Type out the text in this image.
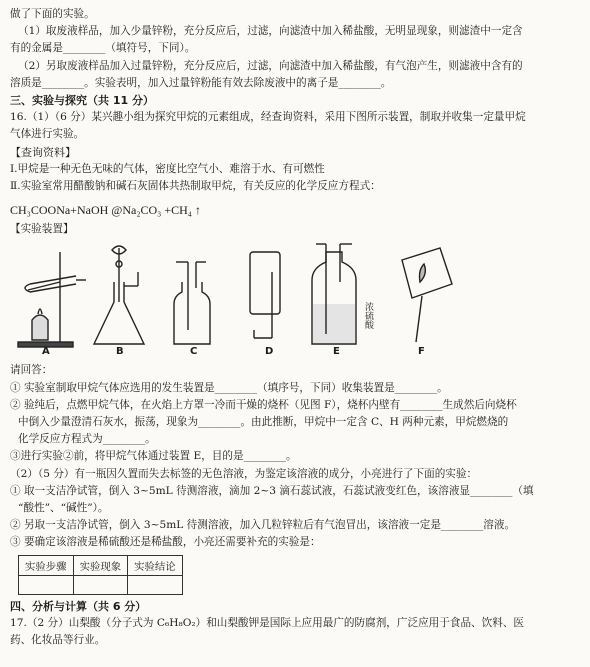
做了下面的实验。
（1）取废液样品，加入少量锌粉，充分反应后，过滤，向滤渣中加入稀盐酸，无明显现象，则滤渣中一定含
有的金属是________（填符号，下同）。
（2）另取废液样品加入过量锌粉，充分反应后，过滤，向滤渣中加入稀盐酸，有气泡产生，则滤液中含有的
溶质是________。实验表明，加入过量锌粉能有效去除废液中的离子是________。
三、实验与探究（共 11 分）
16.（1）（6 分）某兴趣小组为探究甲烷的元素组成，经查询资料，采用下图所示装置，制取并收集一定量甲烷
气体进行实验。
【查询资料】
Ⅰ.甲烷是一种无色无味的气体，密度比空气小、难溶于水、有可燃性
Ⅱ.实验室常用醋酸钠和碱石灰固体共热制取甲烷，有关反应的化学反应方程式：
CH₃COONa+NaOH @Na₂CO₃ +CH₄ ↑
【实验装置】
A	B	C	D	E	F
浓硫酸
请回答：
① 实验室制取甲烷气体应选用的发生装置是________（填序号，下同）收集装置是________。
② 验纯后，点燃甲烷气体，在火焰上方罩一冷而干燥的烧杯（见图 F），烧杯内壁有________生成然后向烧杯
中倒入少量澄清石灰水，振荡，现象为________。由此推断，甲烷中一定含 C、H 两种元素，甲烷燃烧的
化学反应方程式为________。
③进行实验②前，将甲烷气体通过装置 E，目的是________。
（2）（5 分）有一瓶因久置而失去标签的无色溶液，为鉴定该溶液的成分，小亮进行了下面的实验：
① 取一支洁净试管，倒入 3~5mL 待测溶液，滴加 2~3 滴石蕊试液，石蕊试液变红色，该溶液显________（填
“酸性”、“碱性”）。
② 另取一支洁净试管，倒入 3~5mL 待测溶液，加入几粒锌粒后有气泡冒出，该溶液一定是________溶液。
③ 要确定该溶液是稀硫酸还是稀盐酸，小亮还需要补充的实验是：
实验步骤	实验现象	实验结论

四、分析与计算（共 6 分）
17.（2 分）山梨酸（分子式为 C₆H₈O₂）和山梨酸钾是国际上应用最广的防腐剂，广泛应用于食品、饮料、医
药、化妆品等行业。
